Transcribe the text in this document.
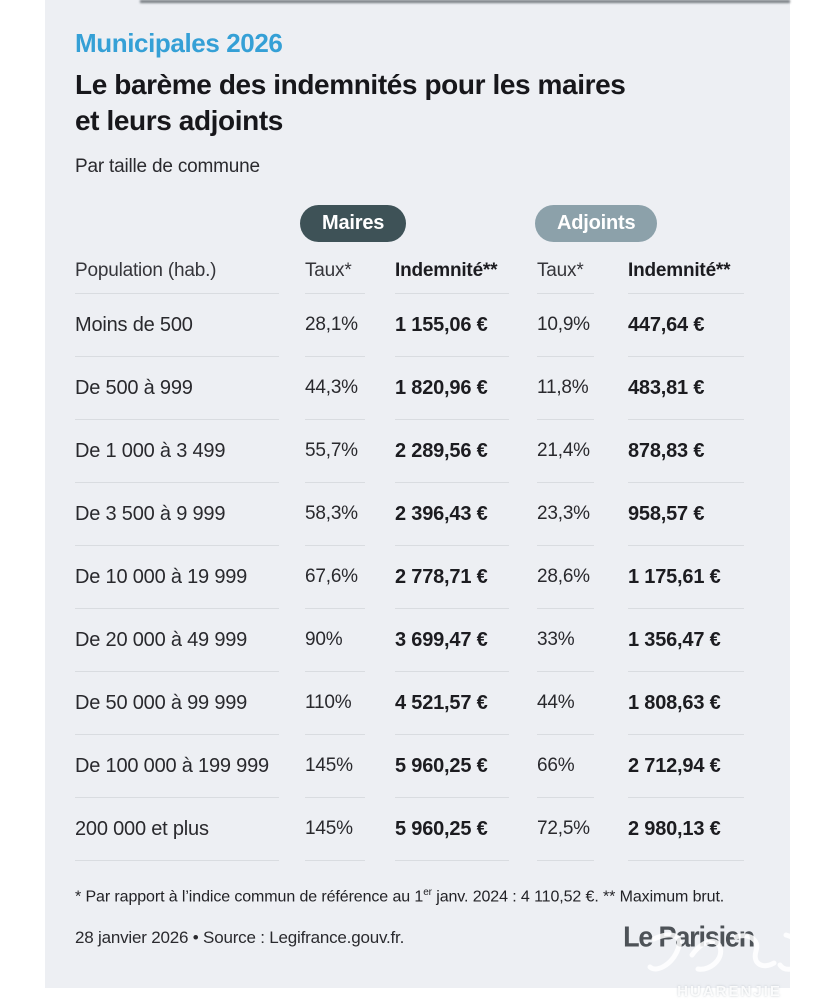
Municipales 2026
Le barème des indemnités pour les maires
et leurs adjoints
Par taille de commune
Maires	Adjoints
Population (hab.)	Taux*	Indemnité**	Taux*	Indemnité**
Moins de 500	28,1%	1 155,06 €	10,9% 447,64 €
De 500 à 999	44,3%	1 820,96 €	11,8% 483,81 €
De 1 000 à 3 499	55,7%	2 289,56 €	21,4% 878,83 €
De 3 500 à 9 999	58,3%	2 396,43 €	23,3% 958,57 €
De 10 000 à 19 999	67,6%	2 778,71 €	28,6% 1 175,61 €
De 20 000 à 49 999	90%	3 699,47 €	33%	1 356,47 €
De 50 000 à 99 999	110%	4 521,57 €	44%	1 808,63 €
De 100 000 à 199 999	145%	5 960,25 €	66%	2 712,94 €
200 000 et plus	145%	5 960,25 €	72,5% 2 980,13 €
* Par rapport à l’indice commun de référence au 1er janv. 2024 : 4 110,52 €. ** Maximum brut.
28 janvier 2026 • Source : Legifrance.gouv.fr.	Le Parisien
HUARENJIE
